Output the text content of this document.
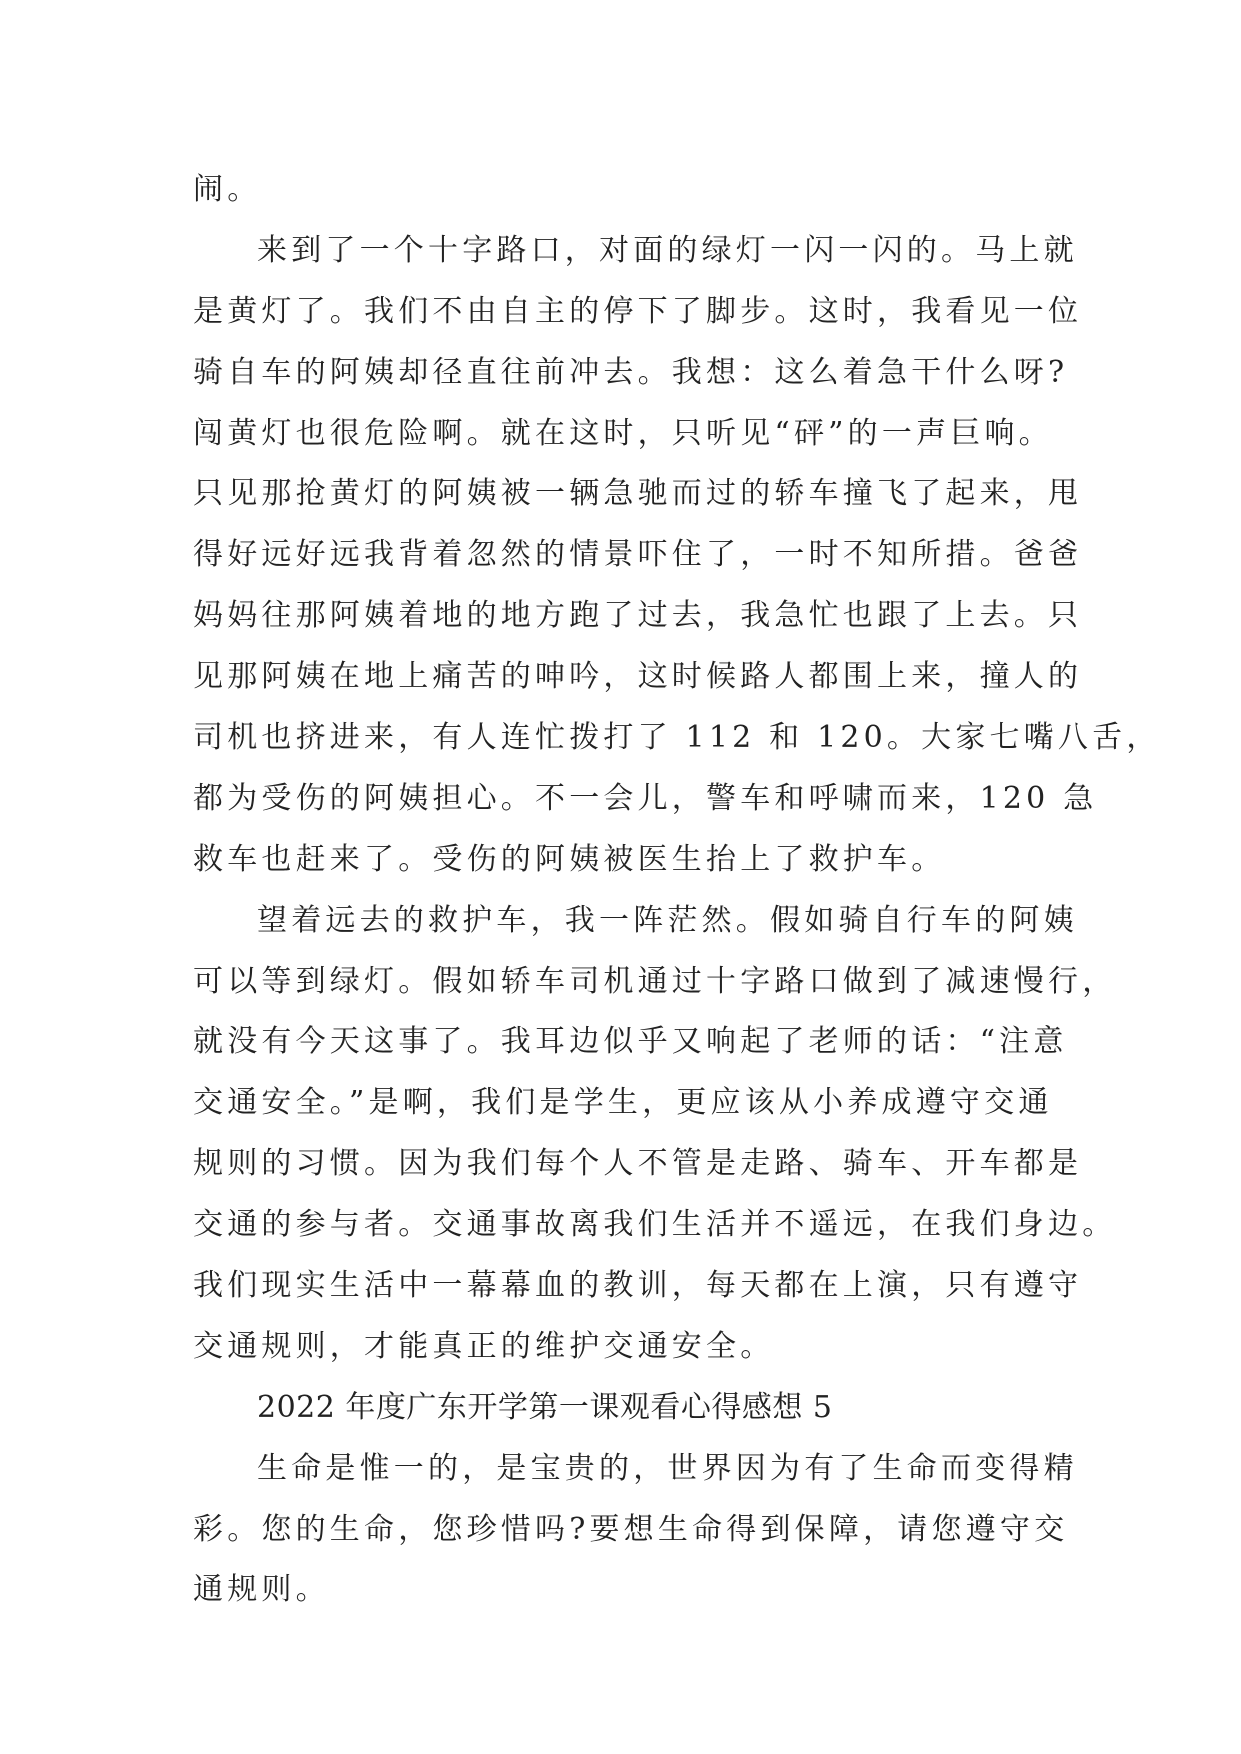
闹。
来到了一个十字路口，对面的绿灯一闪一闪的。马上就
是黄灯了。我们不由自主的停下了脚步。这时，我看见一位
骑自车的阿姨却径直往前冲去。我想：这么着急干什么呀?
闯黄灯也很危险啊。就在这时，只听见“砰”的一声巨响。
只见那抢黄灯的阿姨被一辆急驰而过的轿车撞飞了起来，甩
得好远好远我背着忽然的情景吓住了，一时不知所措。爸爸
妈妈往那阿姨着地的地方跑了过去，我急忙也跟了上去。只
见那阿姨在地上痛苦的呻吟，这时候路人都围上来，撞人的
司机也挤进来，有人连忙拨打了 112 和 120。大家七嘴八舌，
都为受伤的阿姨担心。不一会儿，警车和呼啸而来，120 急
救车也赶来了。受伤的阿姨被医生抬上了救护车。
望着远去的救护车，我一阵茫然。假如骑自行车的阿姨
可以等到绿灯。假如轿车司机通过十字路口做到了减速慢行，
就没有今天这事了。我耳边似乎又响起了老师的话：“注意
交通安全。”是啊，我们是学生，更应该从小养成遵守交通
规则的习惯。因为我们每个人不管是走路、骑车、开车都是
交通的参与者。交通事故离我们生活并不遥远，在我们身边。
我们现实生活中一幕幕血的教训，每天都在上演，只有遵守
交通规则，才能真正的维护交通安全。
2022 年度广东开学第一课观看心得感想 5
生命是惟一的，是宝贵的，世界因为有了生命而变得精
彩。您的生命，您珍惜吗?要想生命得到保障，请您遵守交
通规则。
